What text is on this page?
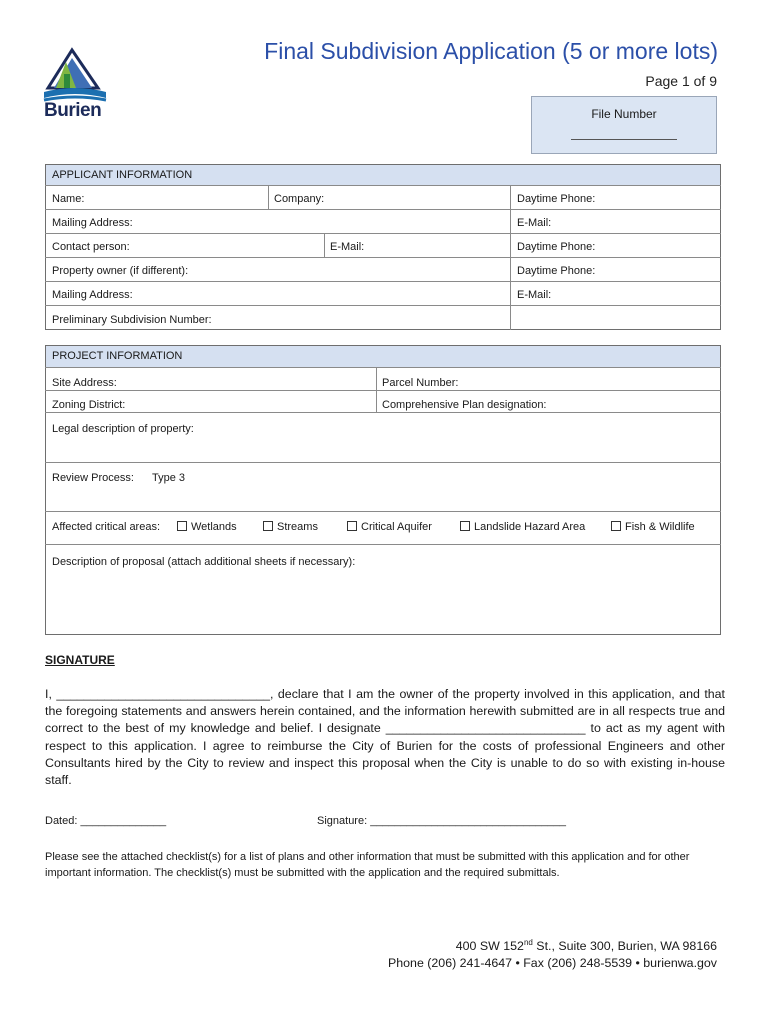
Burien
Final Subdivision Application (5 or more lots)
Page 1 of 9
File Number
APPLICANT INFORMATION
Name:	Company:	Daytime Phone:
Mailing Address:	E-Mail:
Contact person:	E-Mail:	Daytime Phone:
Property owner (if different):	Daytime Phone:
Mailing Address:	E-Mail:
Preliminary Subdivision Number:
PROJECT INFORMATION
Site Address:	Parcel Number:
Zoning District:	Comprehensive Plan designation:
Legal description of property:
Review Process: Type 3
Affected critical areas:	Wetlands	Streams	Critical Aquifer	Landslide Hazard Area	Fish & Wildlife
Description of proposal (attach additional sheets if necessary):
SIGNATURE
I, _______________________________, declare that I am the owner of the property involved in this application, and that the foregoing statements and answers herein contained, and the information herewith submitted are in all respects true and correct to the best of my knowledge and belief. I designate _____________________________ to act as my agent with respect to this application. I agree to reimburse the City of Burien for the costs of professional Engineers and other Consultants hired by the City to review and inspect this proposal when the City is unable to do so with existing in-house staff.
Dated: ______________	Signature: ________________________________
Please see the attached checklist(s) for a list of plans and other information that must be submitted with this application and for other important information. The checklist(s) must be submitted with the application and the required submittals.
400 SW 152nd St., Suite 300, Burien, WA 98166
Phone (206) 241-4647 • Fax (206) 248-5539 • burienwa.gov
